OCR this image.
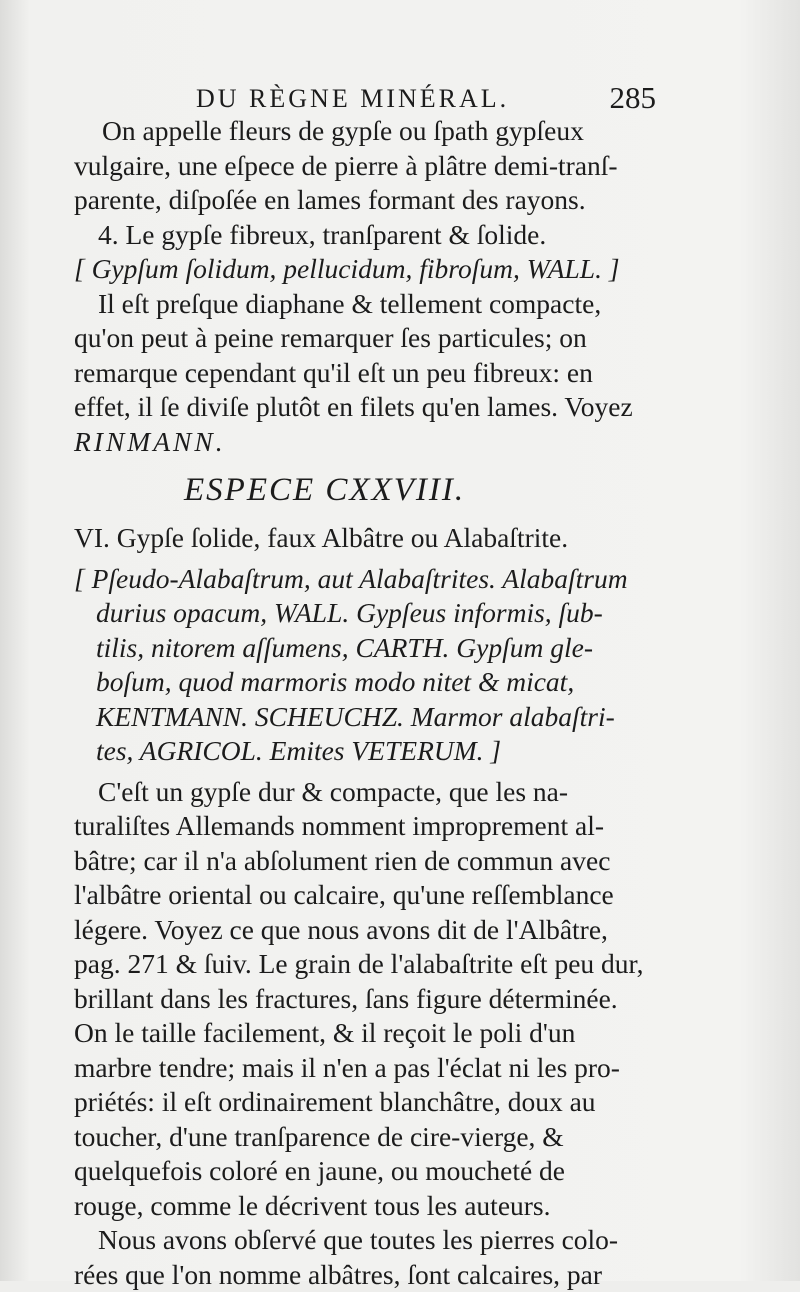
DU RÈGNE MINÉRAL.	285
On appelle fleurs de gypſe ou ſpath gypſeux
vulgaire, une eſpece de pierre à plâtre demi-tranſ-
parente, diſpoſée en lames formant des rayons.
4. Le gypſe fibreux, tranſparent & ſolide.
[ Gypſum ſolidum, pellucidum, fibroſum, WALL. ]
Il eſt preſque diaphane & tellement compacte,
qu'on peut à peine remarquer ſes particules; on
remarque cependant qu'il eſt un peu fibreux: en
effet, il ſe diviſe plutôt en filets qu'en lames. Voyez
RINMANN.
ESPECE CXXVIII.
VI. Gypſe ſolide, faux Albâtre ou Alabaſtrite.
[ Pſeudo-Alabaſtrum, aut Alabaſtrites. Alabaſtrum
durius opacum, WALL. Gypſeus informis, ſub-
tilis, nitorem aſſumens, CARTH. Gypſum gle-
boſum, quod marmoris modo nitet & micat,
KENTMANN. SCHEUCHZ. Marmor alabaſtri-
tes, AGRICOL. Emites VETERUM. ]
C'eſt un gypſe dur & compacte, que les na-
turaliſtes Allemands nomment improprement al-
bâtre; car il n'a abſolument rien de commun avec
l'albâtre oriental ou calcaire, qu'une reſſemblance
légere. Voyez ce que nous avons dit de l'Albâtre,
pag. 271 & ſuiv. Le grain de l'alabaſtrite eſt peu dur,
brillant dans les fractures, ſans figure déterminée.
On le taille facilement, & il reçoit le poli d'un
marbre tendre; mais il n'en a pas l'éclat ni les pro-
priétés: il eſt ordinairement blanchâtre, doux au
toucher, d'une tranſparence de cire-vierge, &
quelquefois coloré en jaune, ou moucheté de
rouge, comme le décrivent tous les auteurs.
Nous avons obſervé que toutes les pierres colo-
rées que l'on nomme albâtres, ſont calcaires, par
